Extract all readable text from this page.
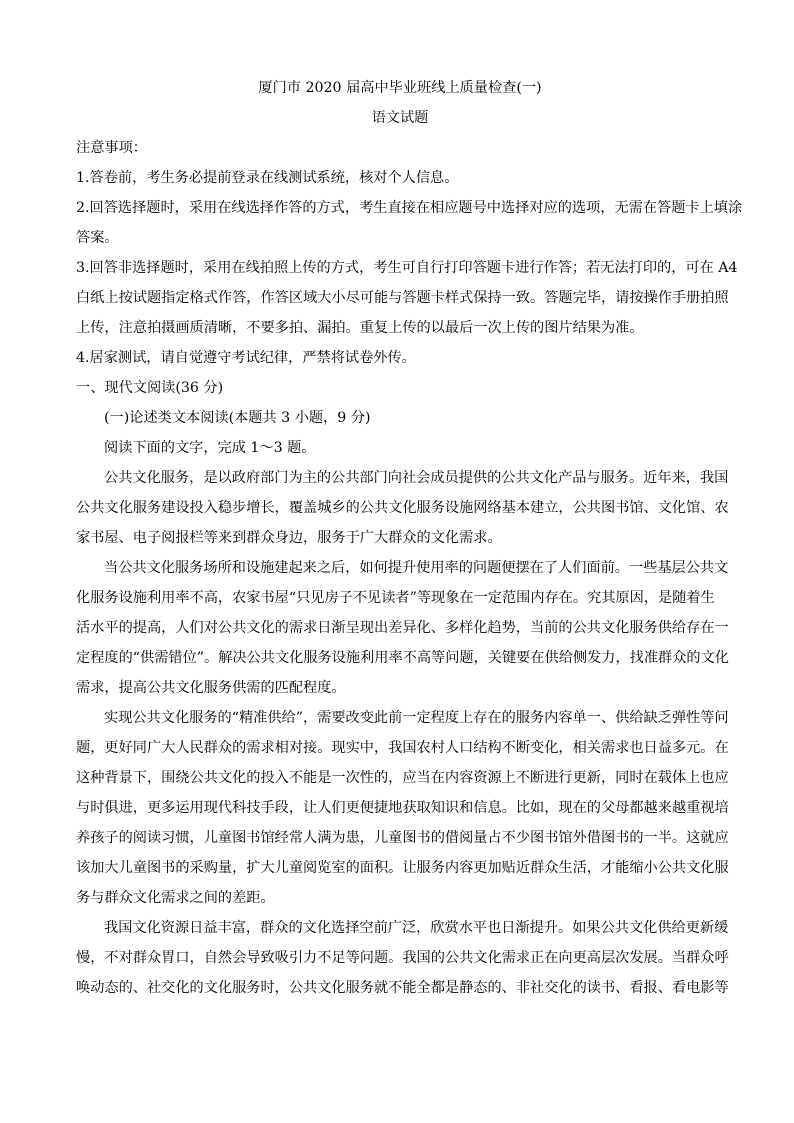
厦门市 2020 届高中毕业班线上质量检查(一)

语文试题

注意事项：

1.答卷前，考生务必提前登录在线测试系统，核对个人信息。

2.回答选择题时，采用在线选择作答的方式，考生直接在相应题号中选择对应的选项，无需在答题卡上填涂

答案。

3.回答非选择题时，采用在线拍照上传的方式，考生可自行打印答题卡进行作答；若无法打印的，可在 A4

白纸上按试题指定格式作答，作答区域大小尽可能与答题卡样式保持一致。答题完毕，请按操作手册拍照

上传，注意拍摄画质清晰，不要多拍、漏拍。重复上传的以最后一次上传的图片结果为准。

4.居家测试，请自觉遵守考试纪律，严禁将试卷外传。

一、现代文阅读(36 分)

(一)论述类文本阅读(本题共 3 小题，9 分)

阅读下面的文字，完成 1～3 题。

公共文化服务，是以政府部门为主的公共部门向社会成员提供的公共文化产品与服务。近年来，我国

公共文化服务建设投入稳步增长，覆盖城乡的公共文化服务设施网络基本建立，公共图书馆、文化馆、农

家书屋、电子阅报栏等来到群众身边，服务于广大群众的文化需求。

当公共文化服务场所和设施建起来之后，如何提升使用率的问题便摆在了人们面前。一些基层公共文

化服务设施利用率不高，农家书屋“只见房子不见读者”等现象在一定范围内存在。究其原因，是随着生

活水平的提高，人们对公共文化的需求日渐呈现出差异化、多样化趋势，当前的公共文化服务供给存在一

定程度的“供需错位”。解决公共文化服务设施利用率不高等问题，关键要在供给侧发力，找准群众的文化

需求，提高公共文化服务供需的匹配程度。

实现公共文化服务的“精准供给”，需要改变此前一定程度上存在的服务内容单一、供给缺乏弹性等问

题，更好同广大人民群众的需求相对接。现实中，我国农村人口结构不断变化，相关需求也日益多元。在

这种背景下，围绕公共文化的投入不能是一次性的，应当在内容资源上不断进行更新，同时在载体上也应

与时俱进，更多运用现代科技手段，让人们更便捷地获取知识和信息。比如，现在的父母都越来越重视培

养孩子的阅读习惯，儿童图书馆经常人满为患，儿童图书的借阅量占不少图书馆外借图书的一半。这就应

该加大儿童图书的采购量，扩大儿童阅览室的面积。让服务内容更加贴近群众生活，才能缩小公共文化服

务与群众文化需求之间的差距。

我国文化资源日益丰富，群众的文化选择空前广泛，欣赏水平也日渐提升。如果公共文化供给更新缓

慢，不对群众胃口，自然会导致吸引力不足等问题。我国的公共文化需求正在向更高层次发展。当群众呼

唤动态的、社交化的文化服务时，公共文化服务就不能全都是静态的、非社交化的读书、看报、看电影等
